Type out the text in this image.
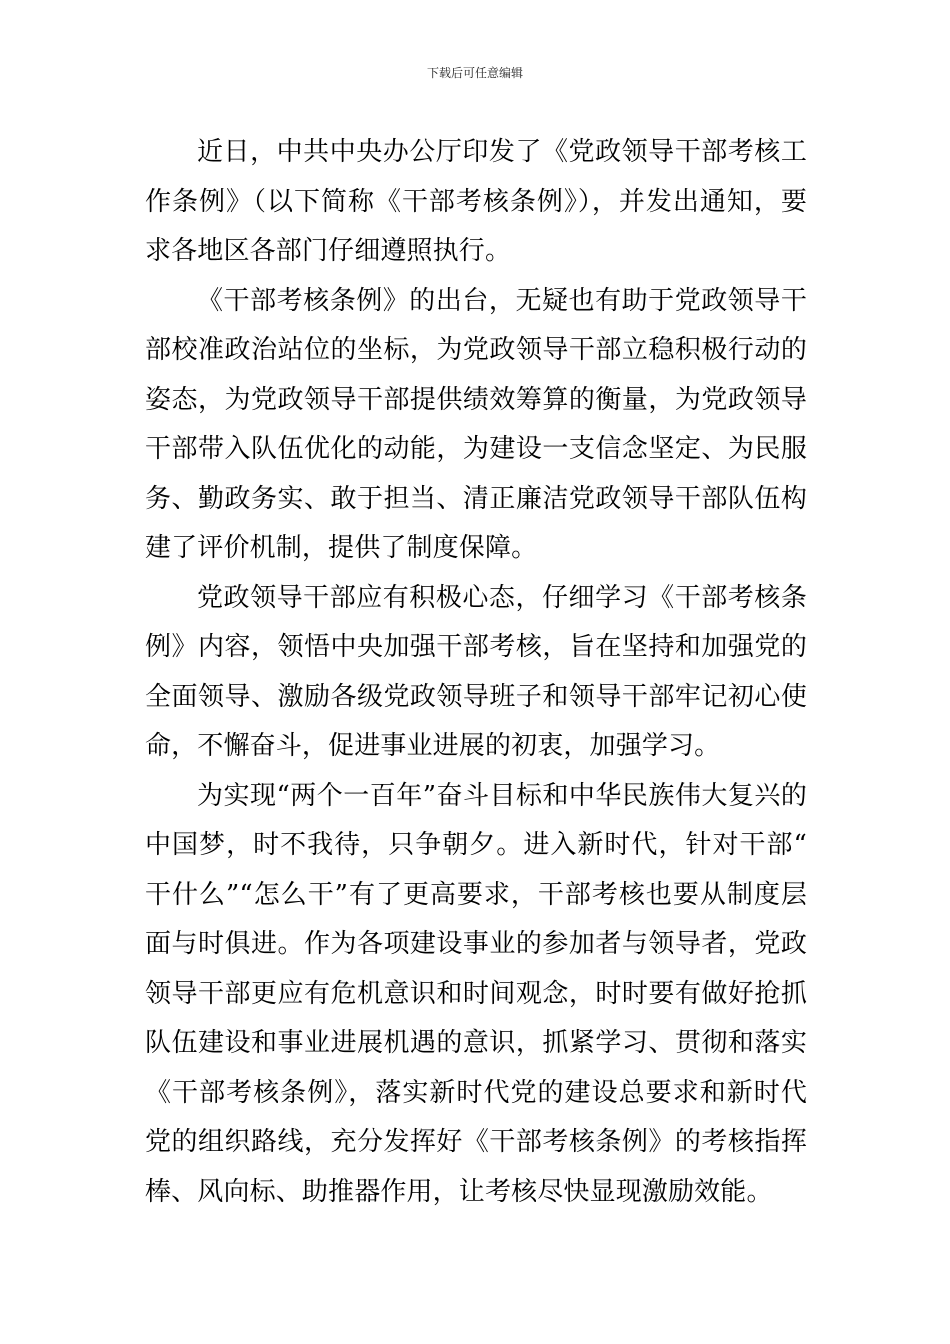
下载后可任意编辑

近日，中共中央办公厅印发了《党政领导干部考核工作条例》（以下简称《干部考核条例》），并发出通知，要求各地区各部门仔细遵照执行。

《干部考核条例》的出台，无疑也有助于党政领导干部校准政治站位的坐标，为党政领导干部立稳积极行动的姿态，为党政领导干部提供绩效筹算的衡量，为党政领导干部带入队伍优化的动能，为建设一支信念坚定、为民服务、勤政务实、敢于担当、清正廉洁党政领导干部队伍构建了评价机制，提供了制度保障。

党政领导干部应有积极心态，仔细学习《干部考核条例》内容，领悟中央加强干部考核，旨在坚持和加强党的全面领导、激励各级党政领导班子和领导干部牢记初心使命，不懈奋斗，促进事业进展的初衷，加强学习。

为实现“两个一百年”奋斗目标和中华民族伟大复兴的中国梦，时不我待，只争朝夕。进入新时代，针对干部“干什么”“怎么干”有了更高要求，干部考核也要从制度层面与时俱进。作为各项建设事业的参加者与领导者，党政领导干部更应有危机意识和时间观念，时时要有做好抢抓队伍建设和事业进展机遇的意识，抓紧学习、贯彻和落实《干部考核条例》，落实新时代党的建设总要求和新时代党的组织路线，充分发挥好《干部考核条例》的考核指挥棒、风向标、助推器作用，让考核尽快显现激励效能。
